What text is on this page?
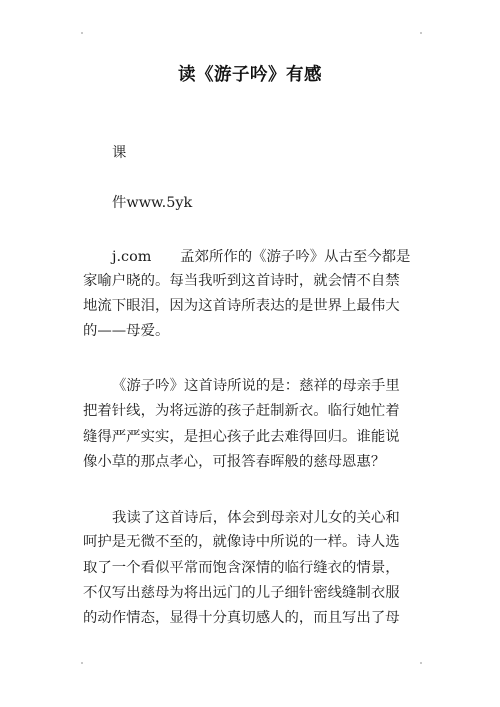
读《游子吟》有感
课
件www.5yk
j.com　　孟郊所作的《游子吟》从古至今都是
家喻户晓的。每当我听到这首诗时，就会情不自禁
地流下眼泪，因为这首诗所表达的是世界上最伟大
的——母爱。
《游子吟》这首诗所说的是：慈祥的母亲手里
把着针线，为将远游的孩子赶制新衣。临行她忙着
缝得严严实实，是担心孩子此去难得回归。谁能说
像小草的那点孝心，可报答春晖般的慈母恩惠？
我读了这首诗后，体会到母亲对儿女的关心和
呵护是无微不至的，就像诗中所说的一样。诗人选
取了一个看似平常而饱含深情的临行缝衣的情景，
不仅写出慈母为将出远门的儿子细针密线缝制衣服
的动作情态，显得十分真切感人的，而且写出了母
